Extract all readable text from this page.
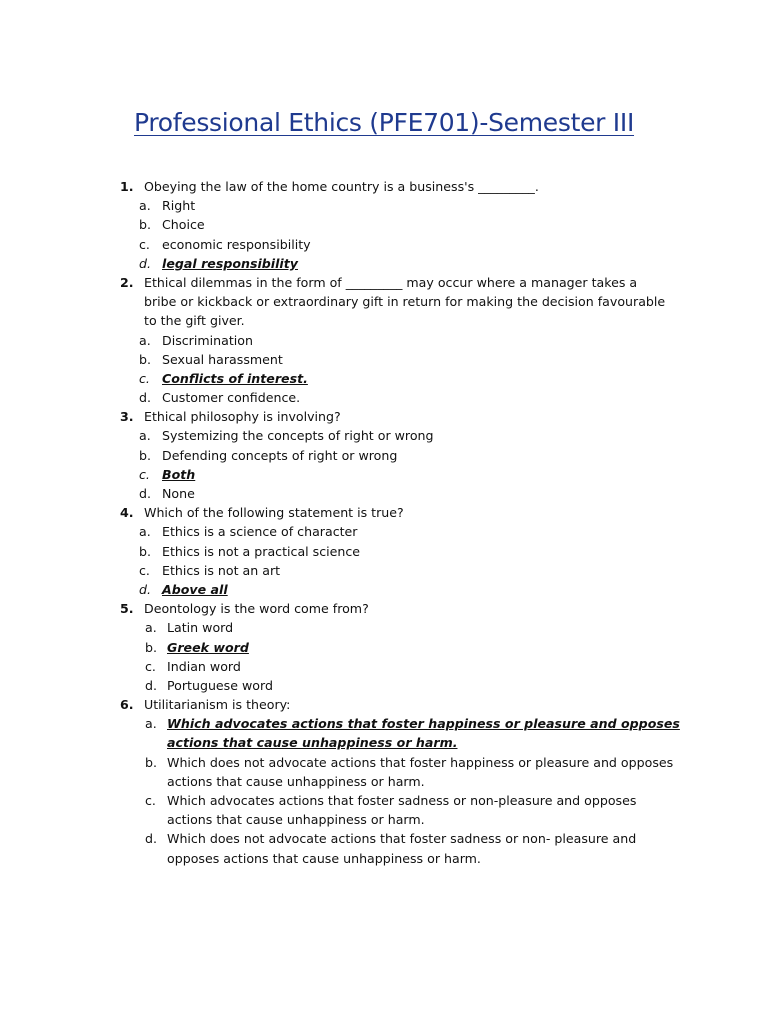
Professional Ethics (PFE701)-Semester III
1. Obeying the law of the home country is a business's _________.
a. Right
b. Choice
c. economic responsibility
d. legal responsibility
2. Ethical dilemmas in the form of _________ may occur where a manager takes a
bribe or kickback or extraordinary gift in return for making the decision favourable
to the gift giver.
a. Discrimination
b. Sexual harassment
c. Conflicts of interest.
d. Customer confidence.
3. Ethical philosophy is involving?
a. Systemizing the concepts of right or wrong
b. Defending concepts of right or wrong
c. Both
d. None
4. Which of the following statement is true?
a. Ethics is a science of character
b. Ethics is not a practical science
c. Ethics is not an art
d. Above all
5. Deontology is the word come from?
a. Latin word
b. Greek word
c. Indian word
d. Portuguese word
6. Utilitarianism is theory:
a. Which advocates actions that foster happiness or pleasure and opposes
actions that cause unhappiness or harm.
b. Which does not advocate actions that foster happiness or pleasure and opposes
actions that cause unhappiness or harm.
c. Which advocates actions that foster sadness or non-pleasure and opposes
actions that cause unhappiness or harm.
d. Which does not advocate actions that foster sadness or non- pleasure and
opposes actions that cause unhappiness or harm.
